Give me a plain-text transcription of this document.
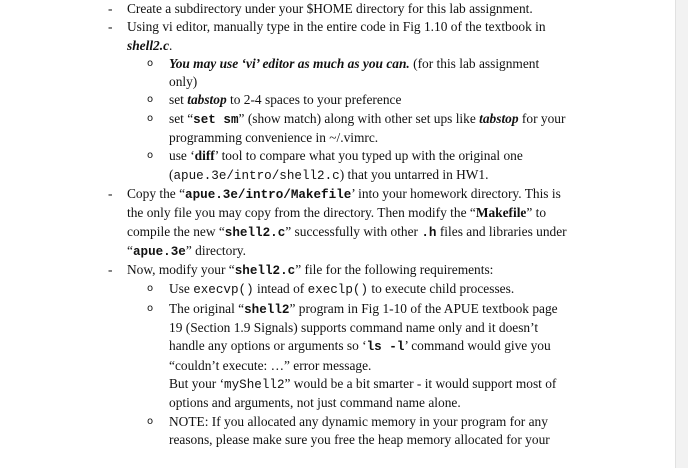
- Create a subdirectory under your $HOME directory for this lab assignment.
- Using vi editor, manually type in the entire code in Fig 1.10 of the textbook in shell2.c.
o You may use ‘vi’ editor as much as you can. (for this lab assignment only)
o set tabstop to 2-4 spaces to your preference
o set “set sm” (show match) along with other set ups like tabstop for your programming convenience in ~/.vimrc.
o use ‘diff’ tool to compare what you typed up with the original one (apue.3e/intro/shell2.c) that you untarred in HW1.
- Copy the “apue.3e/intro/Makefile’ into your homework directory. This is the only file you may copy from the directory. Then modify the “Makefile” to compile the new “shell2.c” successfully with other .h files and libraries under “apue.3e” directory.
- Now, modify your “shell2.c” file for the following requirements:
o Use execvp() intead of execlp() to execute child processes.
o The original “shell2” program in Fig 1-10 of the APUE textbook page 19 (Section 1.9 Signals) supports command name only and it doesn’t handle any options or arguments so ‘ls -l’ command would give you “couldn’t execute: …” error message.
But your ‘myShell2” would be a bit smarter - it would support most of options and arguments, not just command name alone.
o NOTE: If you allocated any dynamic memory in your program for any reasons, please make sure you free the heap memory allocated for your
